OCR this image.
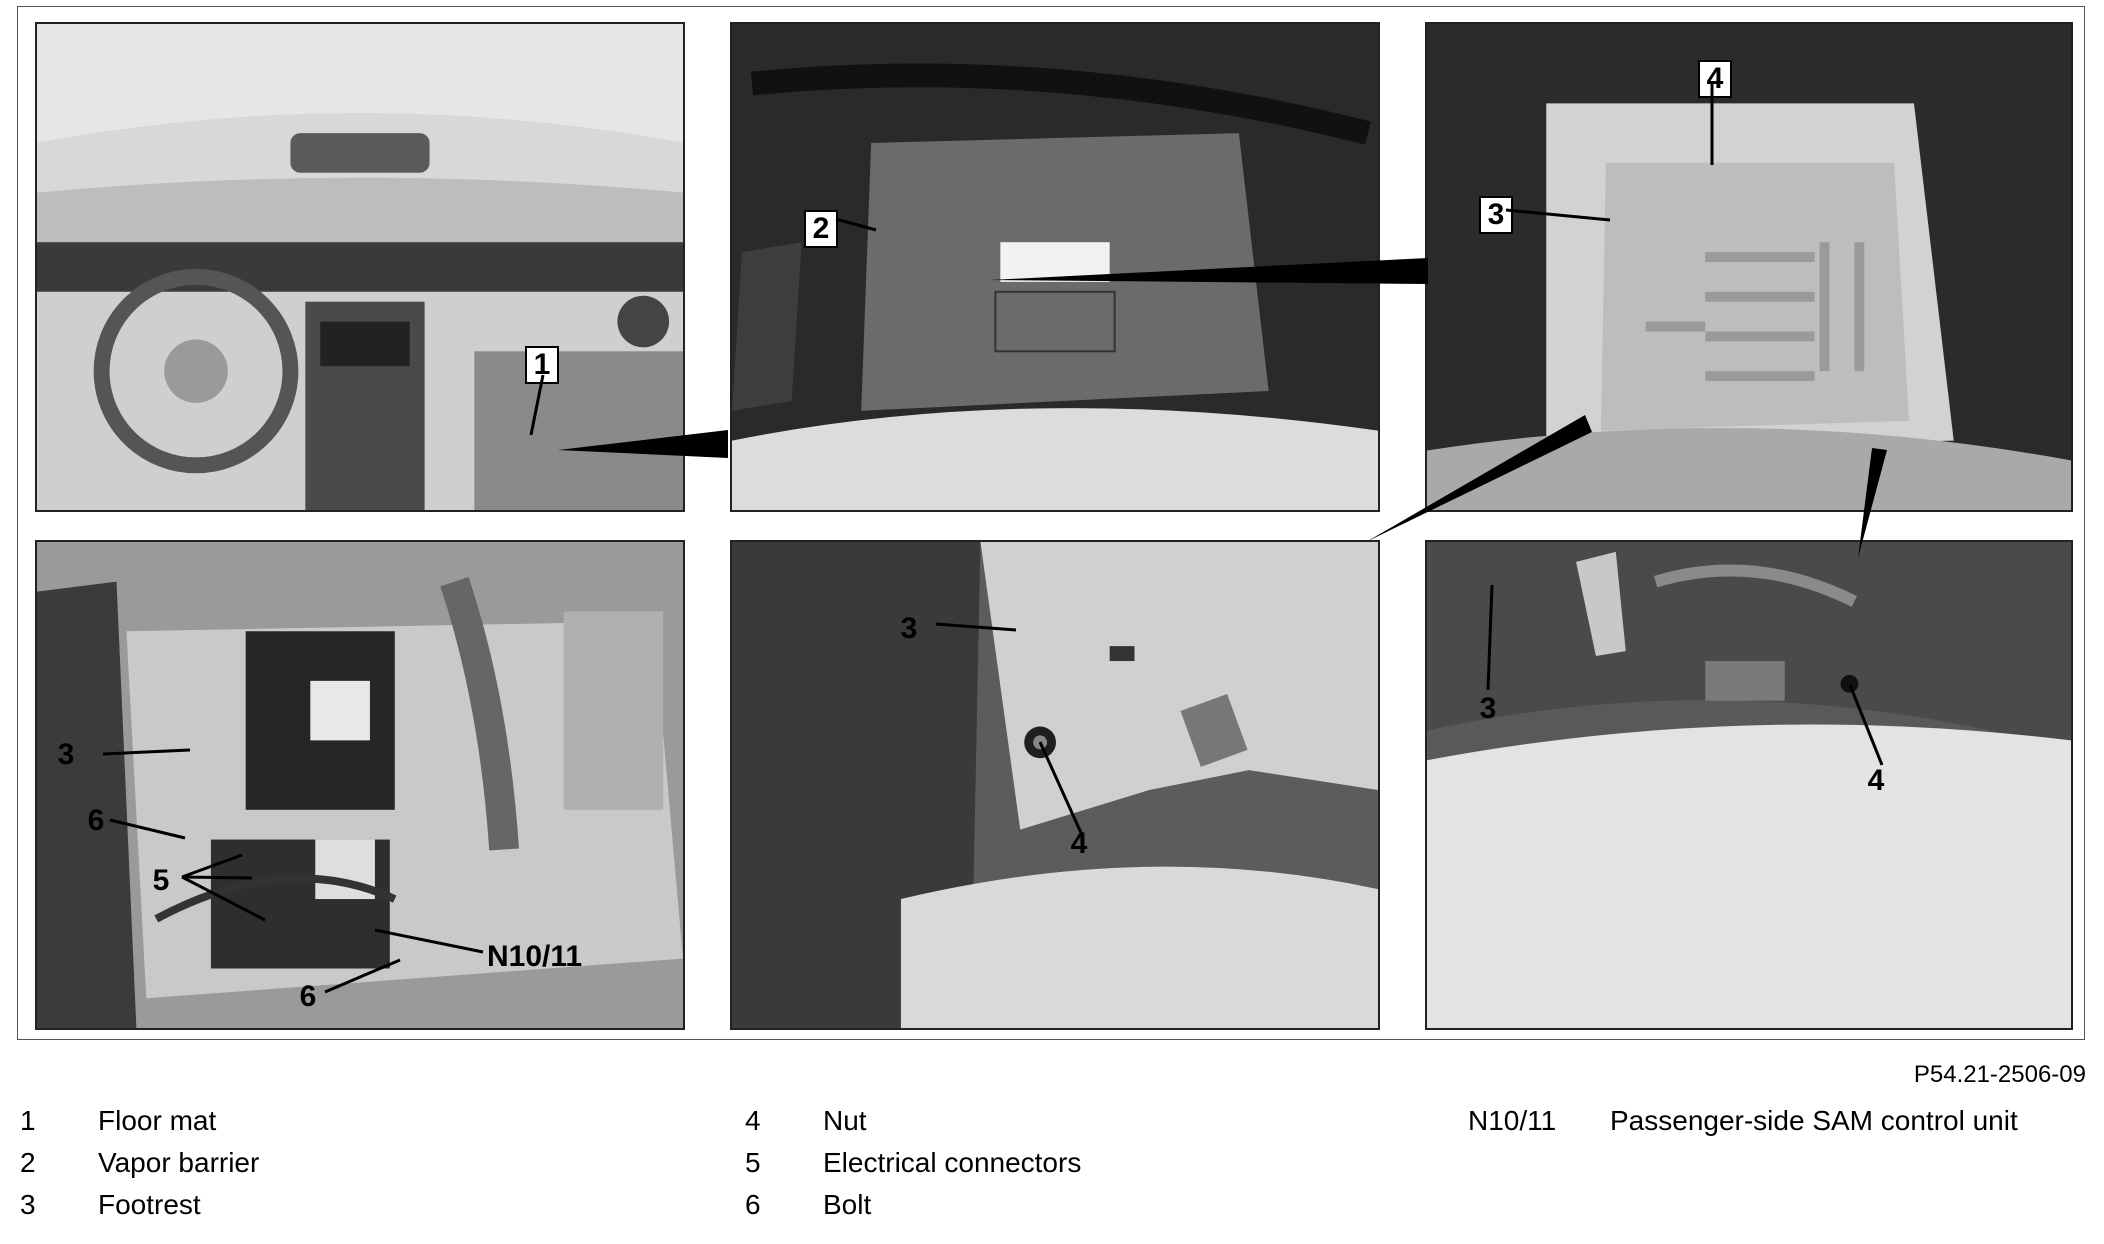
1
2
4
3
3
6
5
N10/11
6
3
4
3
4
P54.21-2506-09
1	Floor mat
2	Vapor barrier
3	Footrest
4	Nut
5	Electrical connectors
6	Bolt
N10/11	Passenger-side SAM control unit
